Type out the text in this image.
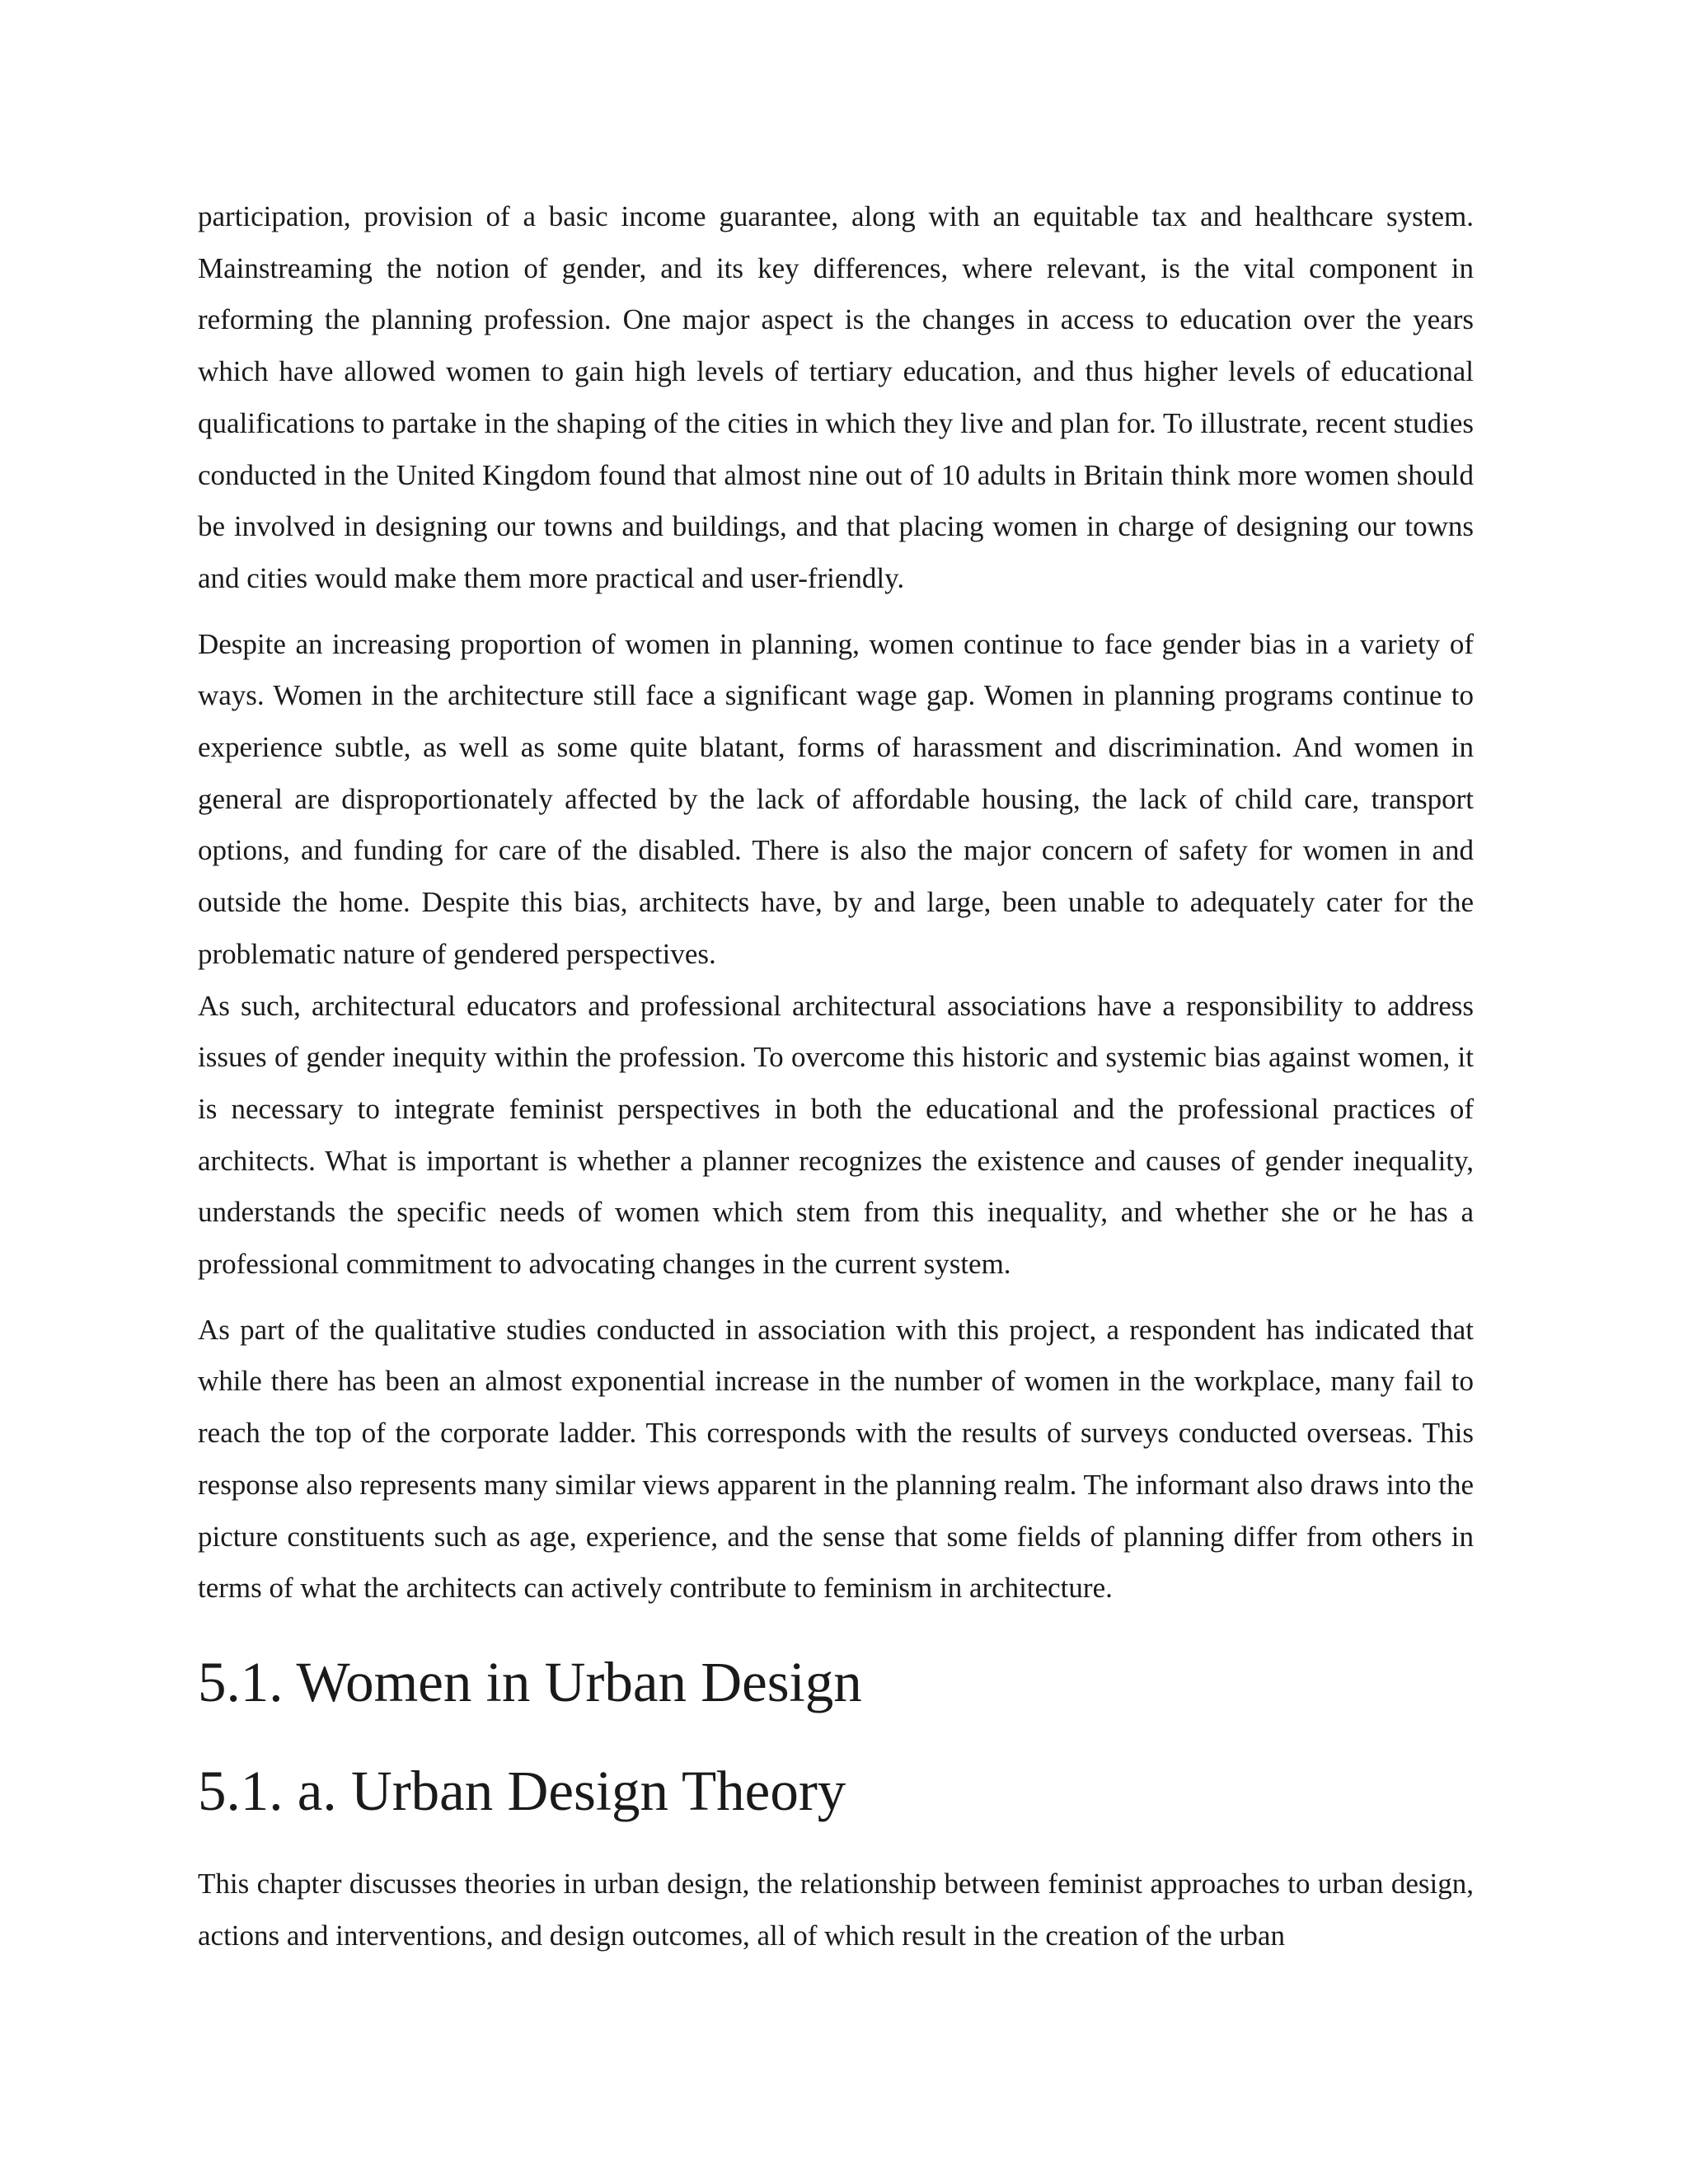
participation, provision of a basic income guarantee, along with an equitable tax and healthcare system. Mainstreaming the notion of gender, and its key differences, where relevant, is the vital component in reforming the planning profession. One major aspect is the changes in access to education over the years which have allowed women to gain high levels of tertiary education, and thus higher levels of educational qualifications to partake in the shaping of the cities in which they live and plan for. To illustrate, recent studies conducted in the United Kingdom found that almost nine out of 10 adults in Britain think more women should be involved in designing our towns and buildings, and that placing women in charge of designing our towns and cities would make them more practical and user-friendly.

Despite an increasing proportion of women in planning, women continue to face gender bias in a variety of ways. Women in the architecture still face a significant wage gap. Women in planning programs continue to experience subtle, as well as some quite blatant, forms of harassment and discrimination. And women in general are disproportionately affected by the lack of affordable housing, the lack of child care, transport options, and funding for care of the disabled. There is also the major concern of safety for women in and outside the home. Despite this bias, architects have, by and large, been unable to adequately cater for the problematic nature of gendered perspectives.

As such, architectural educators and professional architectural associations have a responsibility to address issues of gender inequity within the profession. To overcome this historic and systemic bias against women, it is necessary to integrate feminist perspectives in both the educational and the professional practices of architects. What is important is whether a planner recognizes the existence and causes of gender inequality, understands the specific needs of women which stem from this inequality, and whether she or he has a professional commitment to advocating changes in the current system.

As part of the qualitative studies conducted in association with this project, a respondent has indicated that while there has been an almost exponential increase in the number of women in the workplace, many fail to reach the top of the corporate ladder. This corresponds with the results of surveys conducted overseas. This response also represents many similar views apparent in the planning realm. The informant also draws into the picture constituents such as age, experience, and the sense that some fields of planning differ from others in terms of what the architects can actively contribute to feminism in architecture.

5.1. Women in Urban Design
5.1. a. Urban Design Theory

This chapter discusses theories in urban design, the relationship between feminist approaches to urban design, actions and interventions, and design outcomes, all of which result in the creation of the urban
